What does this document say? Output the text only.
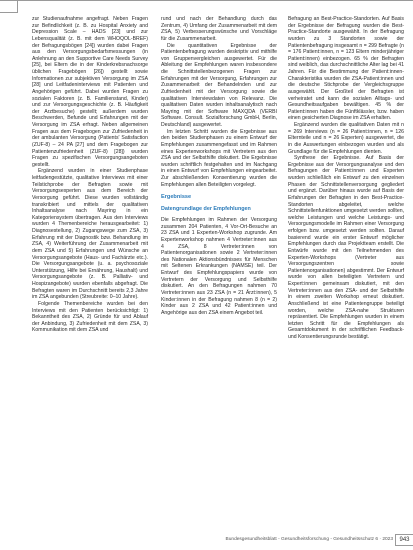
zur Studienaufnahme angefragt. Neben Fragen zur Befindlichkeit (z. B. zu Hospital Anxiety and Depression Scale – HADS [23] und zur Lebensqualität (z. B. mit dem WHOQOL-BREF) der Befragungsbögen [24]) wurden dabei Fragen aus den Versorgungsbedarfsmessungen (in Anlehnung an den Supportive Care Needs Survey [25], bei Eltern die in der Kinderkrebsnachsorge üblichen Fragebögen [26]) gestellt sowie Informationen zur subjektiven Versorgung im ZSA [28] und Leitfadeninterviews mit Patienten und Angehörigen geführt. Dabei wurden Fragen zu sozialen Faktoren (z. B. Familienstand, Kinder) und zur Versorgungsgeschichte (z. B. Häufigkeit der Arztbesuche) gestellt; außerdem wurden Beschwerden, Befunde und Erfahrungen mit der Versorgung im ZSA erfragt. Neben allgemeinen Fragen aus dem Fragebogen zur Zufriedenheit in der ambulanten Versorgung (Patients' Satisfaction (ZUF-8) – 24 PA [27] und dem Fragebogen zur Patientenzufriedenheit (ZUF-8) [28]) wurden Fragen zu spezifischen Versorgungsangeboten gestellt.

Ergänzend wurden in einer Studienphase leitfadengestützte, qualitative Interviews mit einer Teilstichprobe der Befragten sowie mit Versorgungsexperten aus dem Bereich der Versorgung geführt. Diese wurden vollständig transkribiert und mittels der qualitativen Inhaltsanalyse nach Mayring in ein Kategoriensystem übertragen. Aus den Interviews wurden 4 Themenbereiche herausgearbeitet: 1) Diagnosestellung, 2) Zugangswege zum ZSA, 3) Erfahrung mit der Diagnostik bzw. Behandlung im ZSA, 4) Weiterführung der Zusammenarbeit mit dem ZSA und 5) Erfahrungen und Wünsche an Versorgungsangebote (Haus- und Fachärzte etc.). Die Versorgungsangebote (u. a. psychosoziale Unterstützung, Hilfe bei Ernährung, Haushalt) und Versorgungsangebote (z. B. Palliativ- und Hospizangebote) wurden ebenfalls abgefragt. Die Befragten waren im Durchschnitt bereits 2,3 Jahre im ZSA angebunden (Streubreite: 0–10 Jahre).

Folgende Themenbereiche wurden bei den Interviews mit den Patienten berücksichtigt: 1) Bekanntheit des ZSA, 2) Gründe für und Ablauf der Anbindung, 3) Zufriedenheit mit dem ZSA, 3) Kommunikation mit dem ZSA und

rund und nach der Behandlung durch das Zentrum, 4) Umfang der Zusammenarbeit mit dem ZSA, 5) Verbesserungswünsche und Vorschläge für die Zusammenarbeit.

Die quantitativen Ergebnisse der Patientenbefragung wurden deskriptiv und mithilfe von Gruppenvergleichen ausgewertet. Für die Ableitung der Empfehlungen waren insbesondere die Schnittstellenbezogenen Fragen zur Erfahrungen mit der Versorgung, Erfahrungen zur Zusammenarbeit der Behandelnden und zur Zufriedenheit mit der Versorgung sowie die qualitativen Interviewdaten von Relevanz. Die qualitativen Daten wurden inhaltsanalytisch nach Mayring mit der Software MAXQDA (VERBI Software. Consult. Sozialforschung GmbH, Berlin, Deutschland) ausgewertet.

Im letzten Schritt wurden die Ergebnisse aus den beiden Studienphasen zu einem Entwurf der Empfehlungen zusammengefasst und im Rahmen eines Expertenworkshops mit Vertretern aus den ZSA und der Selbsthilfe diskutiert. Die Ergebnisse wurden schriftlich festgehalten und im Nachgang in einen Entwurf von Empfehlungen eingearbeitet. Zur abschließenden Konsentierung wurden die Empfehlungen allen Beteiligten vorgelegt.

Ergebnisse

Datengrundlage der Empfehlungen

Die Empfehlungen im Rahmen der Versorgung zusammen 204 Patienten, 4 Vor-Ort-Besuche an 23 ZSA und 1 Experten-Workshop zugrunde. Am Expertenworkshop nahmen 4 Vertreter:innen aus 4 ZSA, 8 Vertreter:innen von Patientenorganisationen sowie 2 Vertreter:innen des Nationalen Aktionsbündnisses für Menschen mit Seltenen Erkrankungen (NAMSE) teil. Der Entwurf des Empfehlungspapiers wurde von Vertretern der Versorgung und Selbsthilfe diskutiert. An den Befragungen nahmen 70 Vertreter:innen aus 23 ZSA (n = 21 Ärzt:innen), 5 Kinder:innen in der Befragung nahmen 8 (n = 2) Kinder aus 2 ZSA und 42 Patient:innen und Angehörige aus den ZSA einem Angebot teil.

Befragung an Best-Practice-Standorten. Auf Basis der Ergebnisse der Befragung wurden die Best-Practice-Standorte ausgewählt. In der Befragung wurden zu 3 Standorten sowie der Patientenbefragung insgesamt n = 299 Befragte (n = 176 Patient:innen, n = 123 Eltern minderjähriger Patient:innen) einbezogen. 65 % der Befragten sind weiblich, das durchschnittliche Alter lag bei 41 Jahren. Für die Bestimmung der Patient:innen-Charakteristika wurden die ZSA-Patient:innen und die deutsche Stichprobe der Vergleichsgruppe ausgewählt. Der Großteil der Befragten ist verheiratet und kann die sozialen Alltags- und Gesundheitsaufgaben bewältigen. 45 % der Patient:innen haben die Fünftklässler, bzw. haben einen gesicherten Diagnose im ZSA erhalten.

Ergänzend wurden die qualitativen Daten mit n = 269 Interviews (n = 26 Patient:innen, n = 126 Elternteile und n = 26 Experten) ausgewertet, die in die Auswertungen einbezogen wurden und als Grundlage für die Empfehlungen dienten.

Synthese der Ergebnisse. Auf Basis der Ergebnisse aus der Versorgungsanalyse und den Befragungen der Patient:innen und Experten wurden schließlich ein Entwurf zu den einzelnen Phasen der Schnittstellenversorgung gegliedert und ergänzt. Darüber hinaus wurde auf Basis der Erfahrungen der Befragten in den Best-Practice-Standorten abgeleitet, welche Schnittstellenfunktionen umgesetzt werden sollten, welche Leistungen und welche Leistungs- und Versorgungsmodelle im Rahmen einer Versorgung erfolgen bzw. umgesetzt werden sollten. Darauf basierend wurde ein erster Entwurf möglicher Empfehlungen durch das Projektteam erstellt. Die Entwürfe wurde mit den Teilnehmenden des Experten-Workshops (Vertreter aus Versorgungszentren sowie Patientenorganisationen) abgestimmt. Der Entwurf wurde von allen beteiligten Vertretern und Expert:innen gemeinsam diskutiert, mit den Vertreter:innen aus den ZSA- und der Selbsthilfe in einem zweiten Workshop erneut diskutiert. Anschließend ist eine Patientengruppe beteiligt worden, welche ZSA-nahe Strukturen repräsentiert. Die Empfehlungen wurden in einem letzten Schritt für die Empfehlungen als Gesamtdokument in der schriftlichen Feedback- und Konsentierungsrunde bestätigt.

Bundesgesundheitsblatt - Gesundheitsforschung - Gesundheitsschutz 6 · 2023	943
